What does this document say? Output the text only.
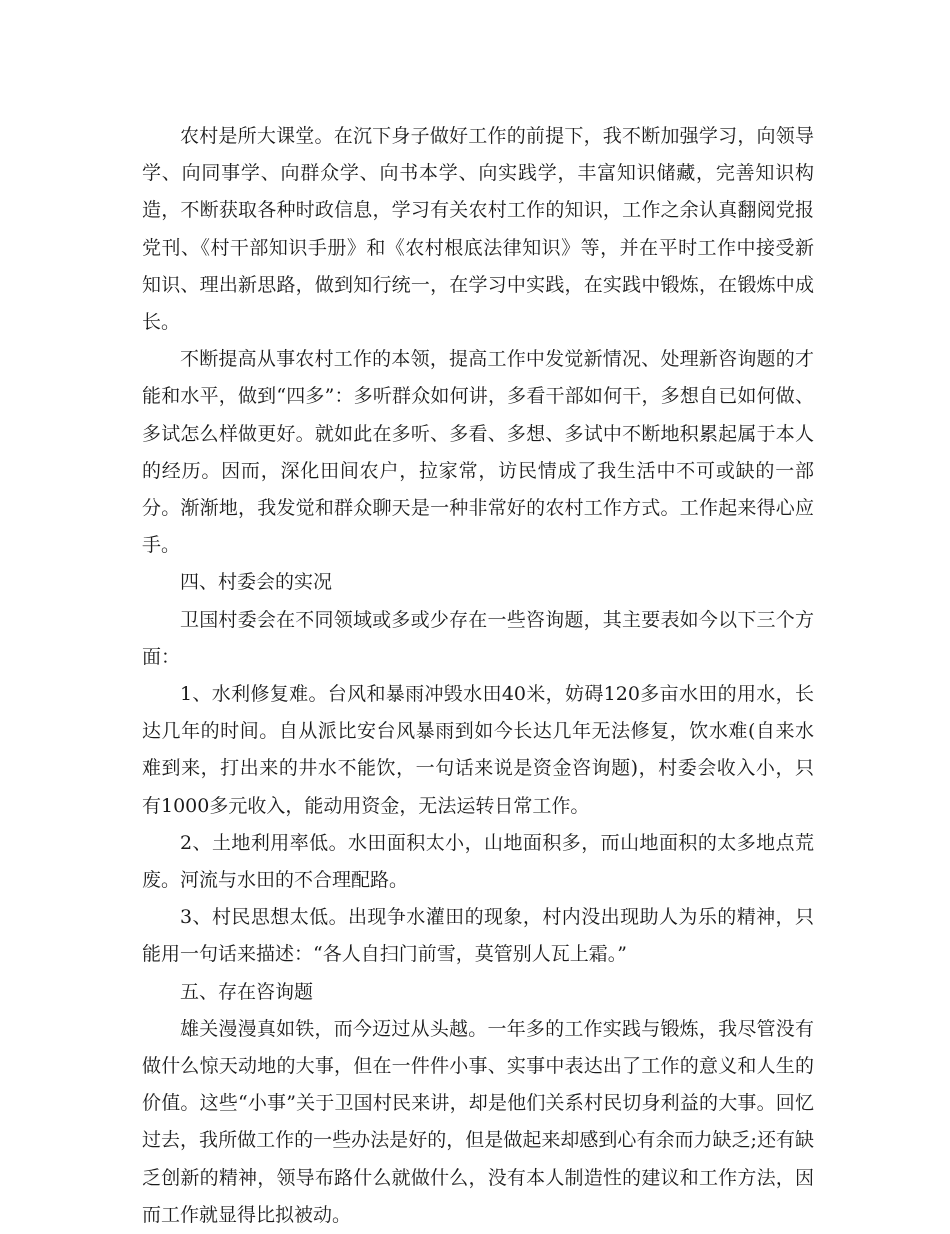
农村是所大课堂。在沉下身子做好工作的前提下，我不断加强学习，向领导学、向同事学、向群众学、向书本学、向实践学，丰富知识储藏，完善知识构造，不断获取各种时政信息，学习有关农村工作的知识，工作之余认真翻阅党报党刊、《村干部知识手册》和《农村根底法律知识》等，并在平时工作中接受新知识、理出新思路，做到知行统一，在学习中实践，在实践中锻炼，在锻炼中成长。

不断提高从事农村工作的本领，提高工作中发觉新情况、处理新咨询题的才能和水平，做到“四多”：多听群众如何讲，多看干部如何干，多想自已如何做、多试怎么样做更好。就如此在多听、多看、多想、多试中不断地积累起属于本人的经历。因而，深化田间农户，拉家常，访民情成了我生活中不可或缺的一部分。渐渐地，我发觉和群众聊天是一种非常好的农村工作方式。工作起来得心应手。

四、村委会的实况

卫国村委会在不同领域或多或少存在一些咨询题，其主要表如今以下三个方面：

1、水利修复难。台风和暴雨冲毁水田40米，妨碍120多亩水田的用水，长达几年的时间。自从派比安台风暴雨到如今长达几年无法修复，饮水难(自来水难到来，打出来的井水不能饮，一句话来说是资金咨询题)，村委会收入小，只有1000多元收入，能动用资金，无法运转日常工作。

2、土地利用率低。水田面积太小，山地面积多，而山地面积的太多地点荒废。河流与水田的不合理配路。

3、村民思想太低。出现争水灌田的现象，村内没出现助人为乐的精神，只能用一句话来描述：“各人自扫门前雪，莫管别人瓦上霜。”

五、存在咨询题

雄关漫漫真如铁，而今迈过从头越。一年多的工作实践与锻炼，我尽管没有做什么惊天动地的大事，但在一件件小事、实事中表达出了工作的意义和人生的价值。这些“小事”关于卫国村民来讲，却是他们关系村民切身利益的大事。回忆过去，我所做工作的一些办法是好的，但是做起来却感到心有余而力缺乏;还有缺乏创新的精神，领导布路什么就做什么，没有本人制造性的建议和工作方法，因而工作就显得比拟被动。
